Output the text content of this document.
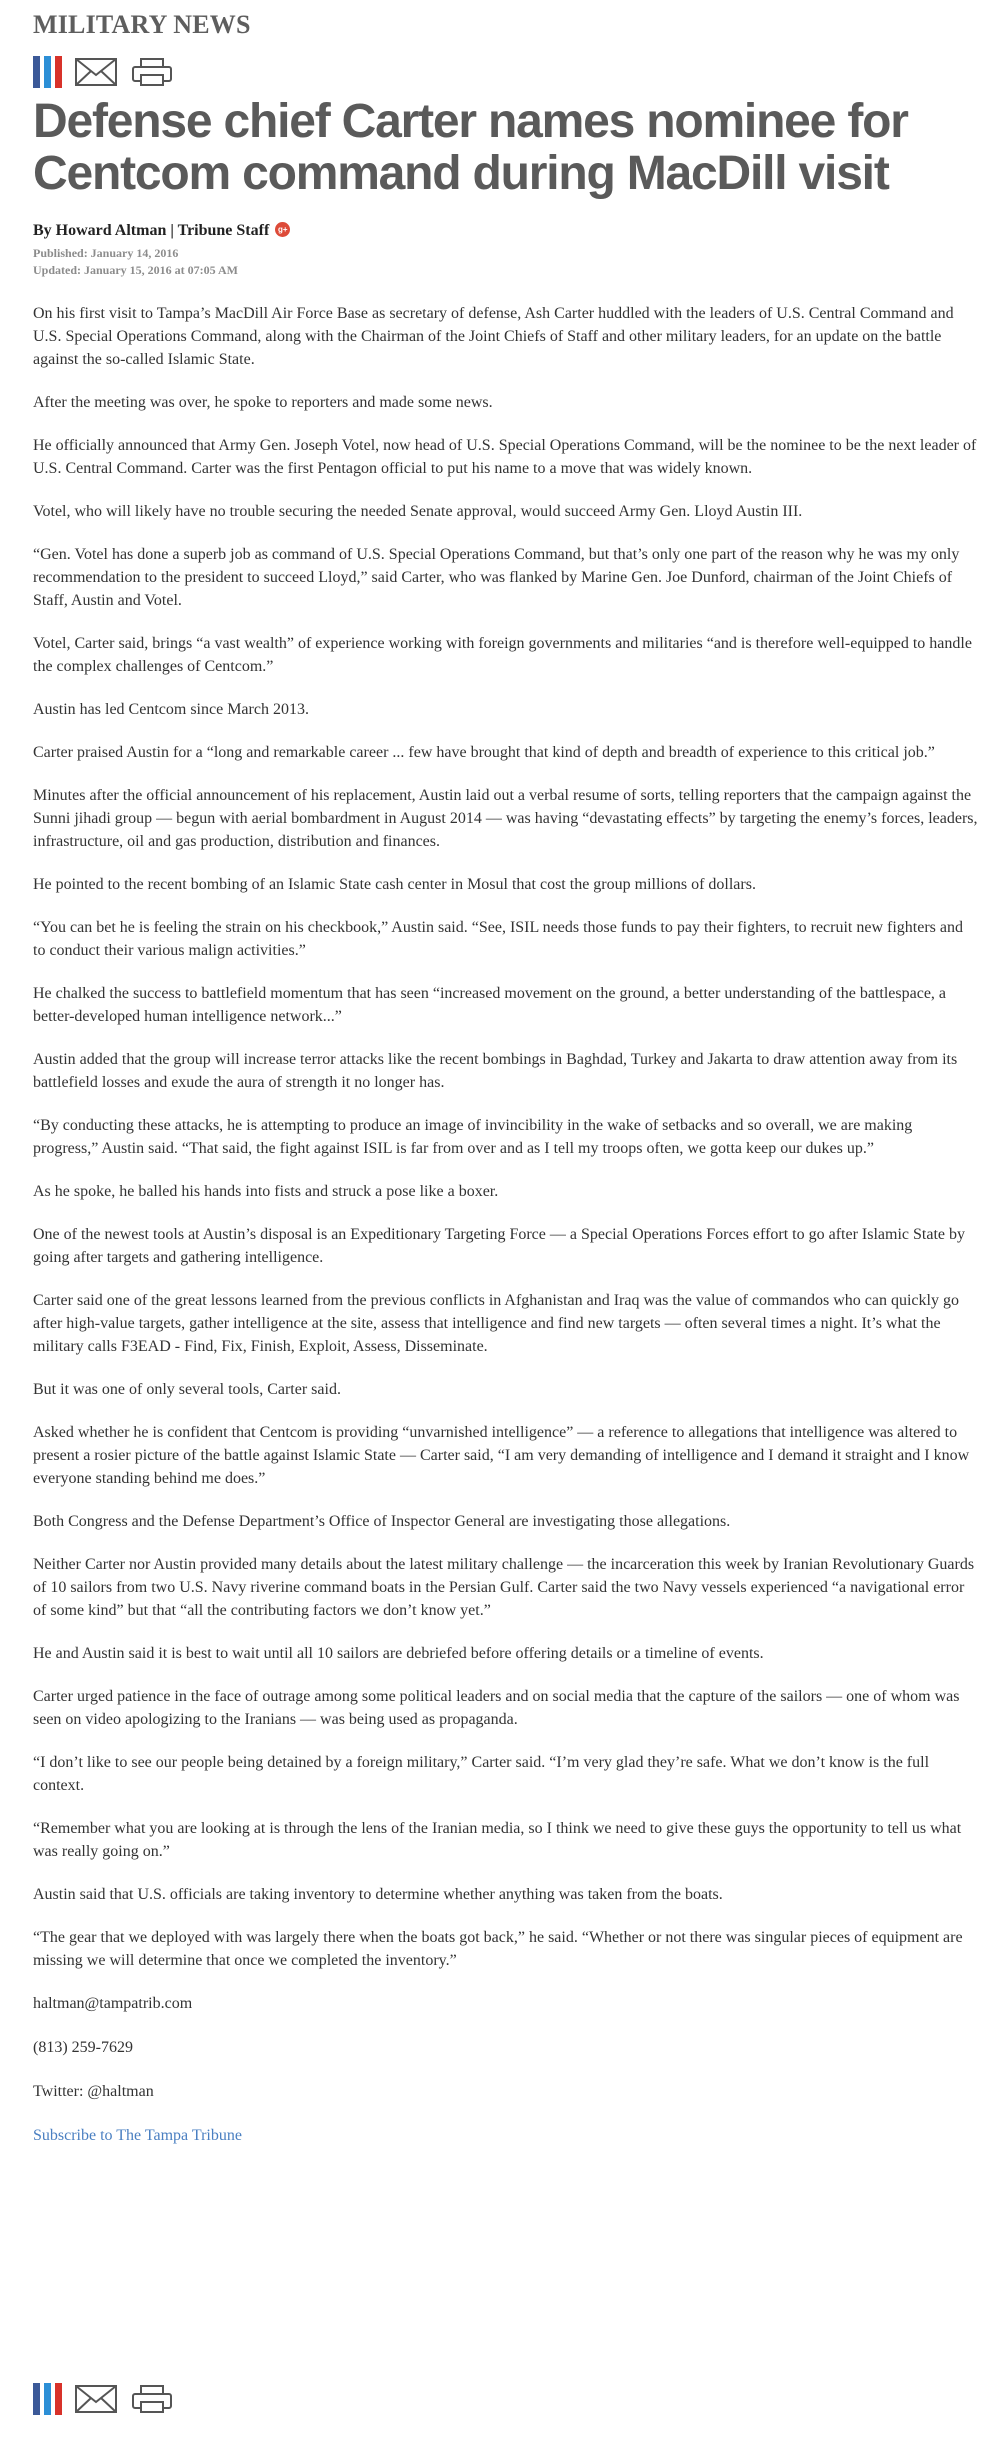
MILITARY NEWS
Defense chief Carter names nominee for Centcom command during MacDill visit
By Howard Altman | Tribune Staff	g+
Published: January 14, 2016
Updated: January 15, 2016 at 07:05 AM

On his first visit to Tampa’s MacDill Air Force Base as secretary of defense, Ash Carter huddled with the leaders of U.S. Central Command and U.S. Special Operations Command, along with the Chairman of the Joint Chiefs of Staff and other military leaders, for an update on the battle against the so-called Islamic State.

After the meeting was over, he spoke to reporters and made some news.

He officially announced that Army Gen. Joseph Votel, now head of U.S. Special Operations Command, will be the nominee to be the next leader of U.S. Central Command. Carter was the first Pentagon official to put his name to a move that was widely known.

Votel, who will likely have no trouble securing the needed Senate approval, would succeed Army Gen. Lloyd Austin III.

“Gen. Votel has done a superb job as command of U.S. Special Operations Command, but that’s only one part of the reason why he was my only recommendation to the president to succeed Lloyd,” said Carter, who was flanked by Marine Gen. Joe Dunford, chairman of the Joint Chiefs of Staff, Austin and Votel.

Votel, Carter said, brings “a vast wealth” of experience working with foreign governments and militaries “and is therefore well-equipped to handle the complex challenges of Centcom.”

Austin has led Centcom since March 2013.

Carter praised Austin for a “long and remarkable career ... few have brought that kind of depth and breadth of experience to this critical job.”

Minutes after the official announcement of his replacement, Austin laid out a verbal resume of sorts, telling reporters that the campaign against the Sunni jihadi group — begun with aerial bombardment in August 2014 — was having “devastating effects” by targeting the enemy’s forces, leaders, infrastructure, oil and gas production, distribution and finances.

He pointed to the recent bombing of an Islamic State cash center in Mosul that cost the group millions of dollars.

“You can bet he is feeling the strain on his checkbook,” Austin said. “See, ISIL needs those funds to pay their fighters, to recruit new fighters and to conduct their various malign activities.”

He chalked the success to battlefield momentum that has seen “increased movement on the ground, a better understanding of the battlespace, a better-developed human intelligence network...”

Austin added that the group will increase terror attacks like the recent bombings in Baghdad, Turkey and Jakarta to draw attention away from its battlefield losses and exude the aura of strength it no longer has.

“By conducting these attacks, he is attempting to produce an image of invincibility in the wake of setbacks and so overall, we are making progress,” Austin said. “That said, the fight against ISIL is far from over and as I tell my troops often, we gotta keep our dukes up.”

As he spoke, he balled his hands into fists and struck a pose like a boxer.

One of the newest tools at Austin’s disposal is an Expeditionary Targeting Force — a Special Operations Forces effort to go after Islamic State by going after targets and gathering intelligence.

Carter said one of the great lessons learned from the previous conflicts in Afghanistan and Iraq was the value of commandos who can quickly go after high-value targets, gather intelligence at the site, assess that intelligence and find new targets — often several times a night. It’s what the military calls F3EAD - Find, Fix, Finish, Exploit, Assess, Disseminate.

But it was one of only several tools, Carter said.

Asked whether he is confident that Centcom is providing “unvarnished intelligence” — a reference to allegations that intelligence was altered to present a rosier picture of the battle against Islamic State — Carter said, “I am very demanding of intelligence and I demand it straight and I know everyone standing behind me does.”

Both Congress and the Defense Department’s Office of Inspector General are investigating those allegations.

Neither Carter nor Austin provided many details about the latest military challenge — the incarceration this week by Iranian Revolutionary Guards of 10 sailors from two U.S. Navy riverine command boats in the Persian Gulf. Carter said the two Navy vessels experienced “a navigational error of some kind” but that “all the contributing factors we don’t know yet.”

He and Austin said it is best to wait until all 10 sailors are debriefed before offering details or a timeline of events.

Carter urged patience in the face of outrage among some political leaders and on social media that the capture of the sailors — one of whom was seen on video apologizing to the Iranians — was being used as propaganda.

“I don’t like to see our people being detained by a foreign military,” Carter said. “I’m very glad they’re safe. What we don’t know is the full context.

“Remember what you are looking at is through the lens of the Iranian media, so I think we need to give these guys the opportunity to tell us what was really going on.”

Austin said that U.S. officials are taking inventory to determine whether anything was taken from the boats.

“The gear that we deployed with was largely there when the boats got back,” he said. “Whether or not there was singular pieces of equipment are missing we will determine that once we completed the inventory.”

haltman@tampatrib.com

(813) 259-7629

Twitter: @haltman

Subscribe to The Tampa Tribune
